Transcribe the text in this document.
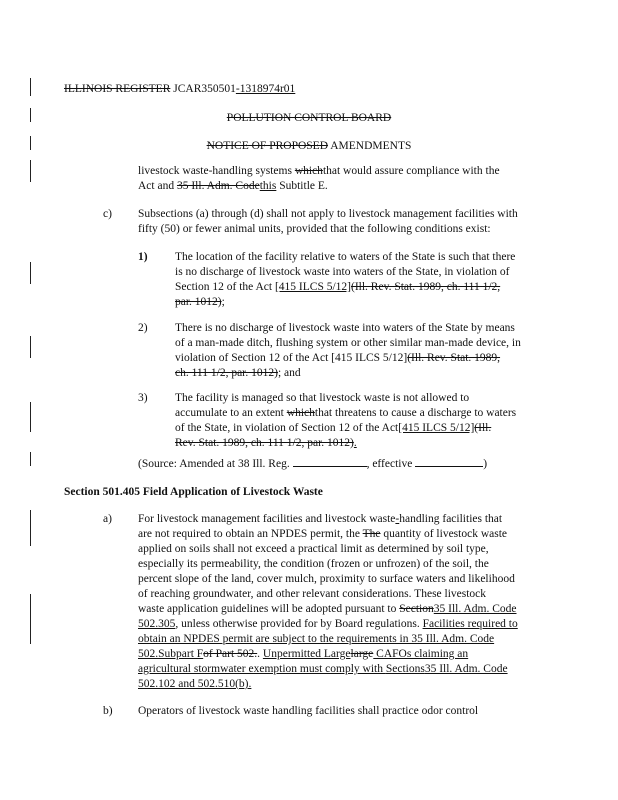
ILLINOIS REGISTER JCAR350501-1318974r01
POLLUTION CONTROL BOARD
NOTICE OF PROPOSED AMENDMENTS
livestock waste-handling systems whichthat would assure compliance with the
Act and 35 Ill. Adm. Codethis Subtitle E.
c) Subsections (a) through (d) shall not apply to livestock management facilities with
fifty (50) or fewer animal units, provided that the following conditions exist:
1) The location of the facility relative to waters of the State is such that there
is no discharge of livestock waste into waters of the State, in violation of
Section 12 of the Act [415 ILCS 5/12](Ill. Rev. Stat. 1989, ch. 111 1/2,
par. 1012);
2) There is no discharge of livestock waste into waters of the State by means
of a man-made ditch, flushing system or other similar man-made device, in
violation of Section 12 of the Act [415 ILCS 5/12](Ill. Rev. Stat. 1989,
ch. 111 1/2, par. 1012); and
3) The facility is managed so that livestock waste is not allowed to
accumulate to an extent whichthat threatens to cause a discharge to waters
of the State, in violation of Section 12 of the Act[415 ILCS 5/12](Ill.
Rev. Stat. 1989, ch. 111 1/2, par. 1012).
(Source: Amended at 38 Ill. Reg.	, effective	)
Section 501.405 Field Application of Livestock Waste
a) For livestock management facilities and livestock waste-handling facilities that
are not required to obtain an NPDES permit, the The quantity of livestock waste
applied on soils shall not exceed a practical limit as determined by soil type,
especially its permeability, the condition (frozen or unfrozen) of the soil, the
percent slope of the land, cover mulch, proximity to surface waters and likelihood
of reaching groundwater, and other relevant considerations. These livestock
waste application guidelines will be adopted pursuant to Section35 Ill. Adm. Code
502.305, unless otherwise provided for by Board regulations. Facilities required to
obtain an NPDES permit are subject to the requirements in 35 Ill. Adm. Code
502.Subpart Fof Part 502.. Unpermitted Largelarge CAFOs claiming an
agricultural stormwater exemption must comply with Sections35 Ill. Adm. Code
502.102 and 502.510(b).
b) Operators of livestock waste handling facilities shall practice odor control
